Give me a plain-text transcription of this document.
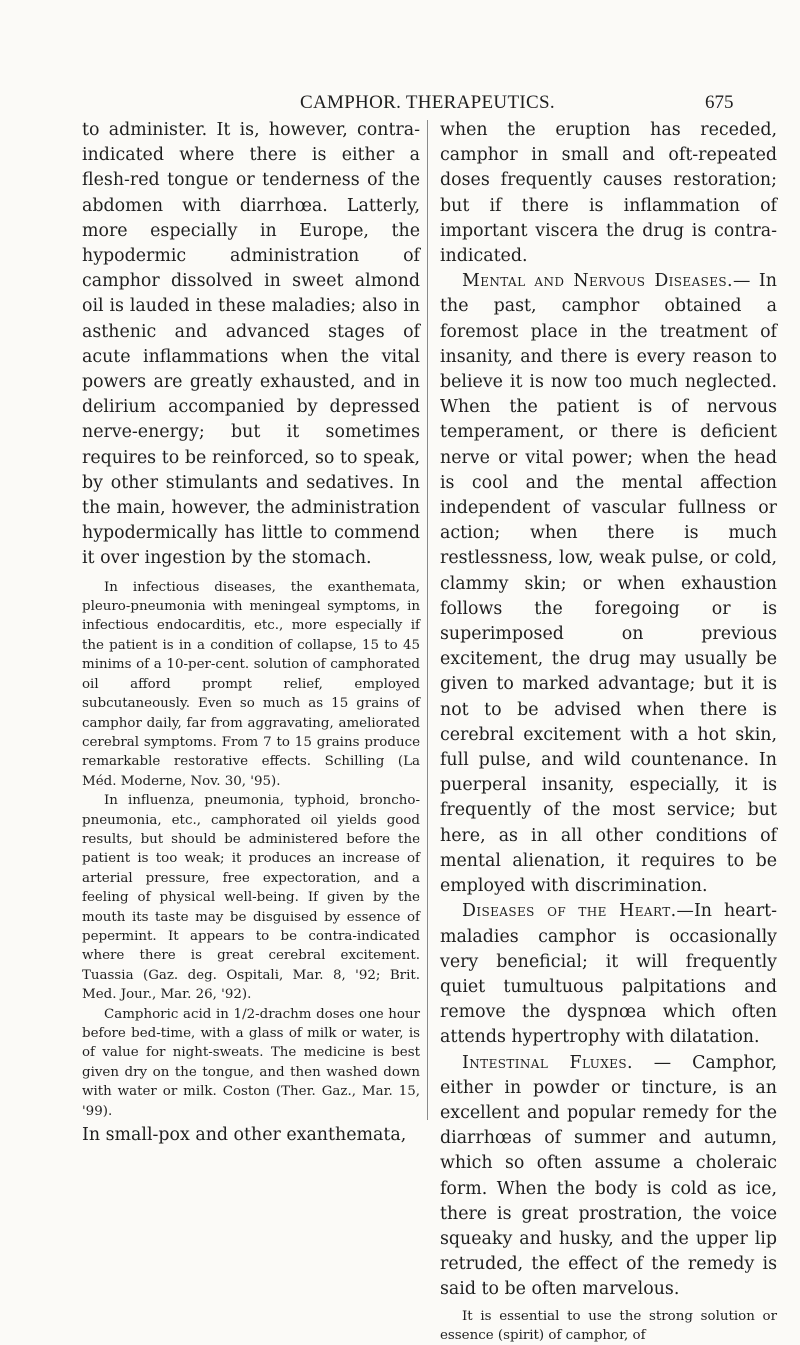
CAMPHOR. THERAPEUTICS.	675

to administer. It is, however, contra-indicated where there is either a flesh-red tongue or tenderness of the abdomen with diarrhœa. Latterly, more especially in Europe, the hypodermic administration of camphor dissolved in sweet almond oil is lauded in these maladies; also in asthenic and advanced stages of acute inflammations when the vital powers are greatly exhausted, and in delirium accompanied by depressed nerve-energy; but it sometimes requires to be reinforced, so to speak, by other stimulants and sedatives. In the main, however, the administration hypodermically has little to commend it over ingestion by the stomach.

In infectious diseases, the exanthemata, pleuro-pneumonia with meningeal symptoms, in infectious endocarditis, etc., more especially if the patient is in a condition of collapse, 15 to 45 minims of a 10-per-cent. solution of camphorated oil afford prompt relief, employed subcutaneously. Even so much as 15 grains of camphor daily, far from aggravating, ameliorated cerebral symptoms. From 7 to 15 grains produce remarkable restorative effects. Schilling (La Méd. Moderne, Nov. 30, '95).

In influenza, pneumonia, typhoid, broncho-pneumonia, etc., camphorated oil yields good results, but should be administered before the patient is too weak; it produces an increase of arterial pressure, free expectoration, and a feeling of physical well-being. If given by the mouth its taste may be disguised by essence of pepermint. It appears to be contra-indicated where there is great cerebral excitement. Tuassia (Gaz. deg. Ospitali, Mar. 8, '92; Brit. Med. Jour., Mar. 26, '92).

Camphoric acid in 1/2-drachm doses one hour before bed-time, with a glass of milk or water, is of value for night-sweats. The medicine is best given dry on the tongue, and then washed down with water or milk. Coston (Ther. Gaz., Mar. 15, '99).

In small-pox and other exanthemata,

when the eruption has receded, camphor in small and oft-repeated doses frequently causes restoration; but if there is inflammation of important viscera the drug is contra-indicated.

Mental and Nervous Diseases.— In the past, camphor obtained a foremost place in the treatment of insanity, and there is every reason to believe it is now too much neglected. When the patient is of nervous temperament, or there is deficient nerve or vital power; when the head is cool and the mental affection independent of vascular fullness or action; when there is much restlessness, low, weak pulse, or cold, clammy skin; or when exhaustion follows the foregoing or is superimposed on previous excitement, the drug may usually be given to marked advantage; but it is not to be advised when there is cerebral excitement with a hot skin, full pulse, and wild countenance. In puerperal insanity, especially, it is frequently of the most service; but here, as in all other conditions of mental alienation, it requires to be employed with discrimination.

Diseases of the Heart.—In heart-maladies camphor is occasionally very beneficial; it will frequently quiet tumultuous palpitations and remove the dyspnœa which often attends hypertrophy with dilatation.

Intestinal Fluxes. — Camphor, either in powder or tincture, is an excellent and popular remedy for the diarrhœas of summer and autumn, which so often assume a choleraic form. When the body is cold as ice, there is great prostration, the voice squeaky and husky, and the upper lip retruded, the effect of the remedy is said to be often marvelous.

It is essential to use the strong solution or essence (spirit) of camphor, of
